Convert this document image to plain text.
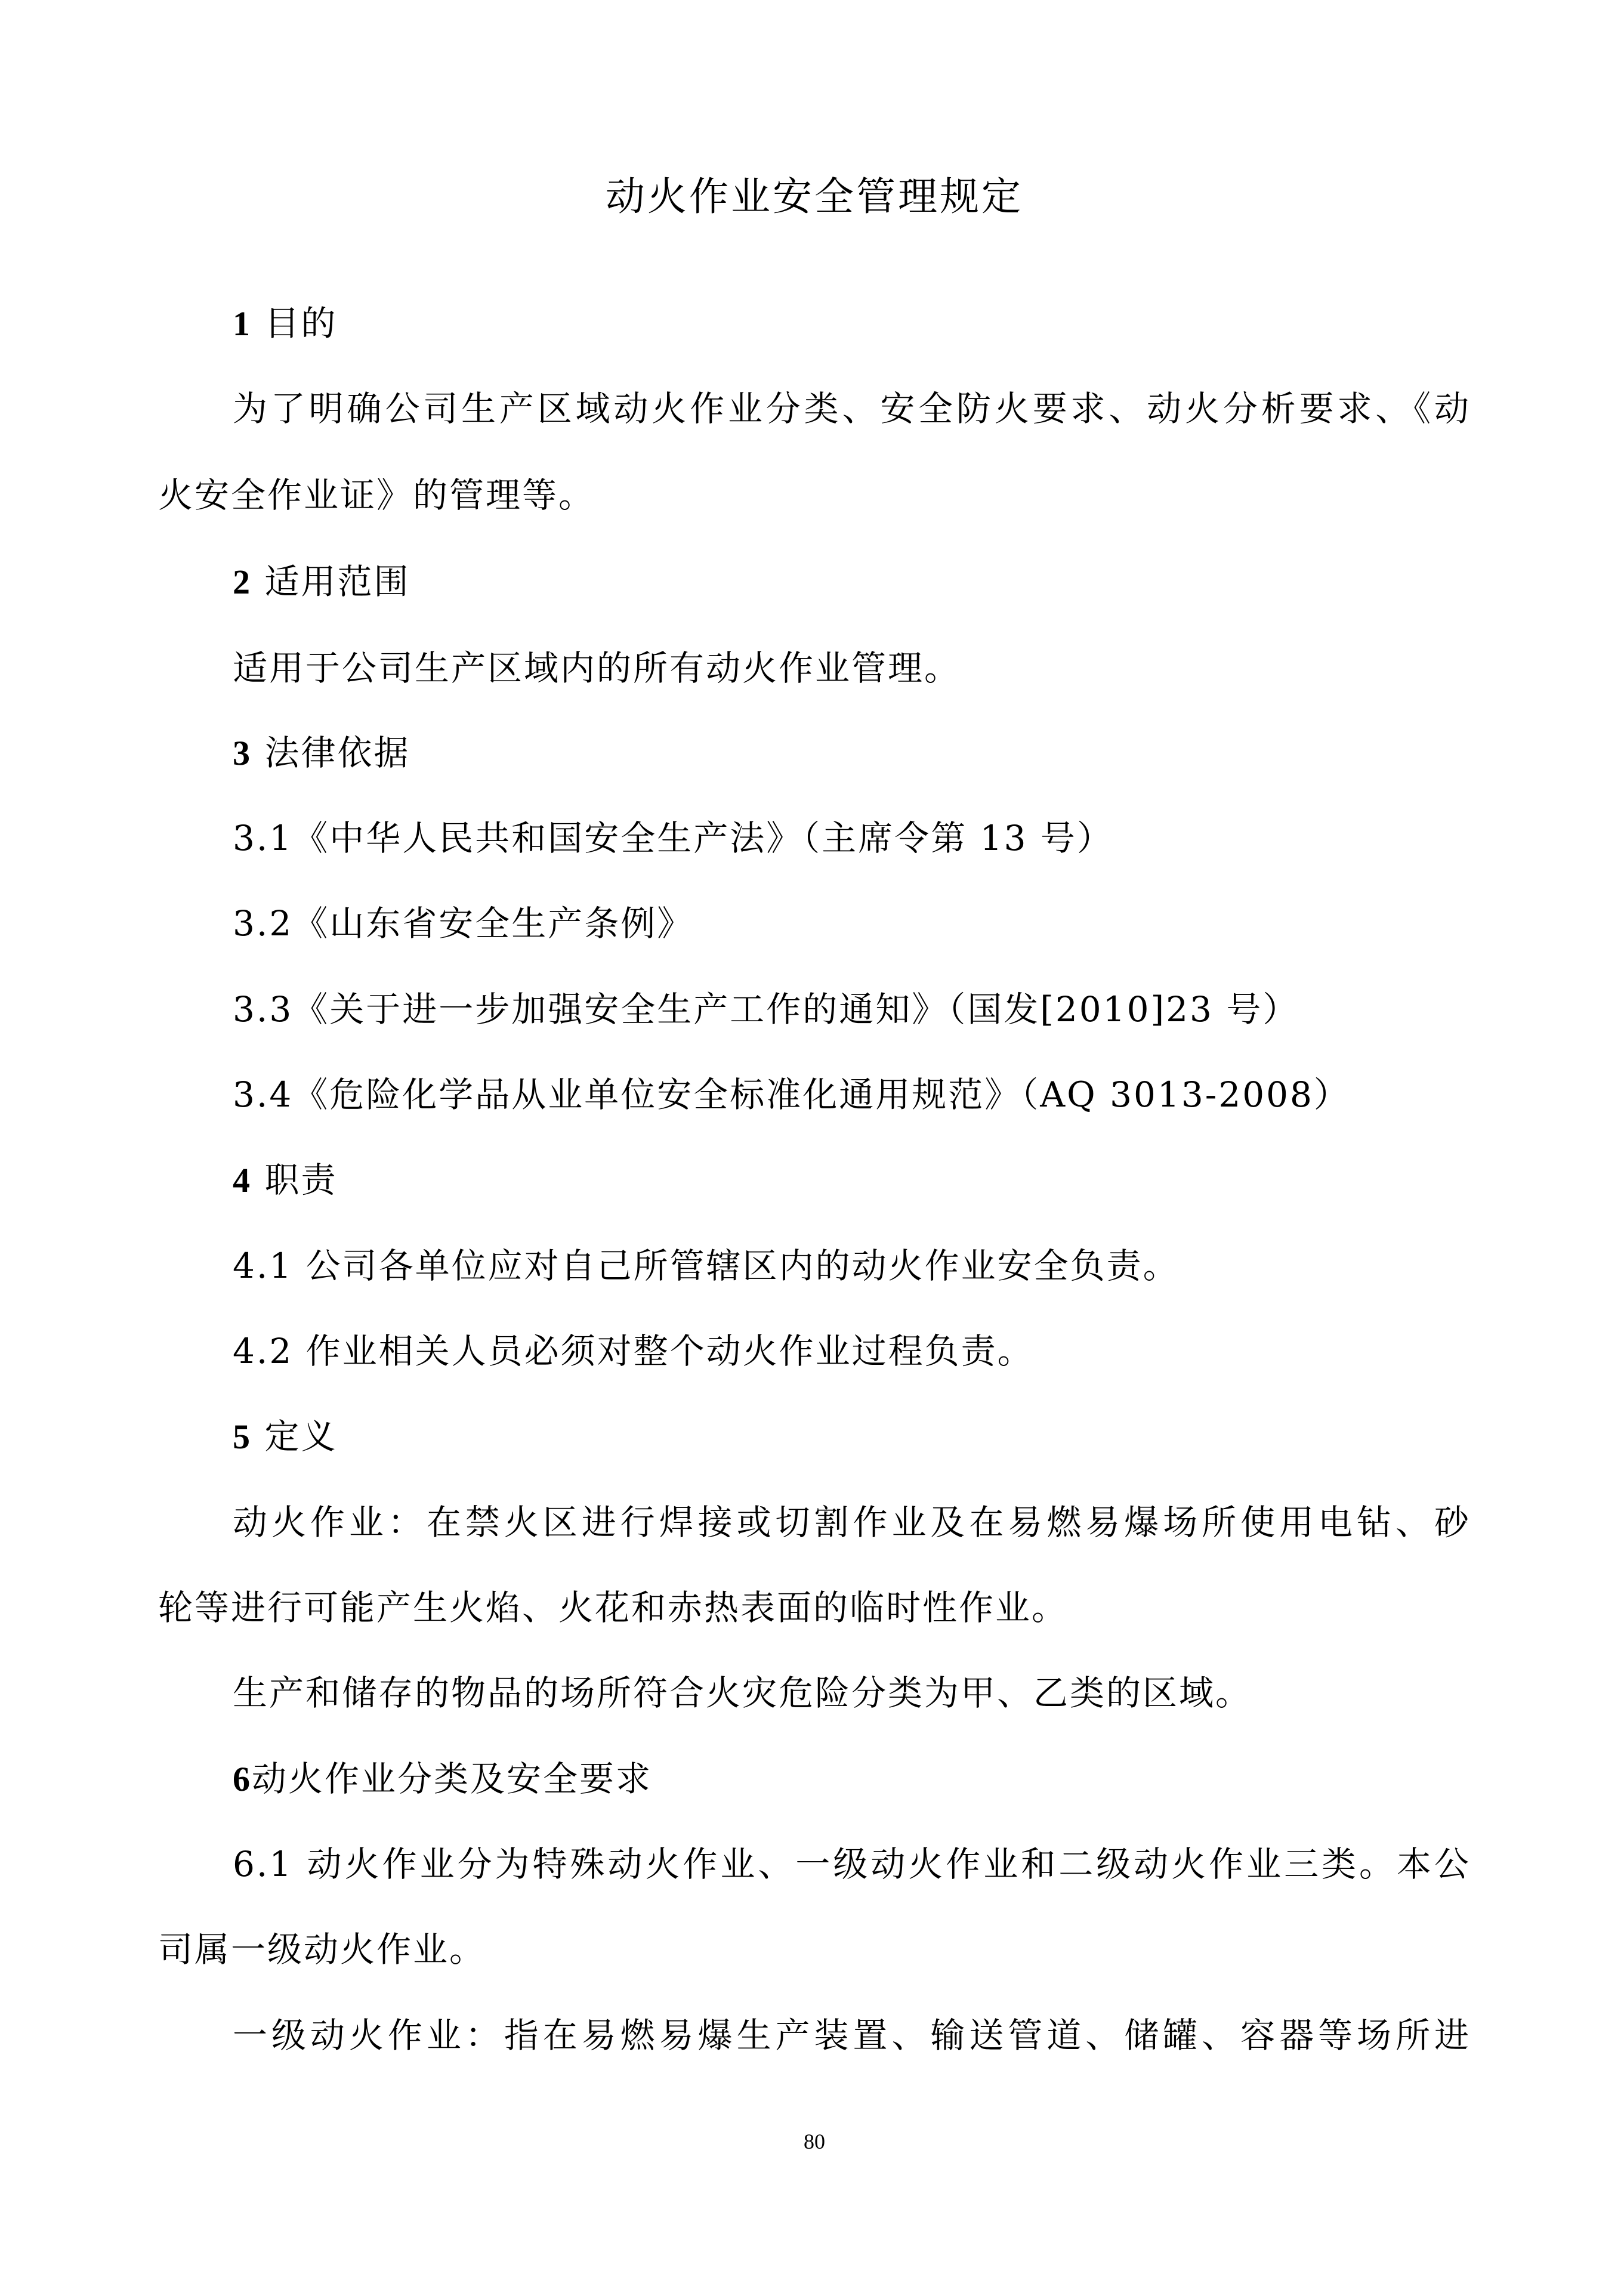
动火作业安全管理规定
1 目的
为了明确公司生产区域动火作业分类、安全防火要求、动火分析要求、《动
火安全作业证》的管理等。
2 适用范围
适用于公司生产区域内的所有动火作业管理。
3 法律依据
3.1《中华人民共和国安全生产法》（主席令第 13 号）
3.2《山东省安全生产条例》
3.3《关于进一步加强安全生产工作的通知》（国发[2010]23 号）
3.4《危险化学品从业单位安全标准化通用规范》（AQ 3013-2008）
4 职责
4.1 公司各单位应对自己所管辖区内的动火作业安全负责。
4.2 作业相关人员必须对整个动火作业过程负责。
5 定义
动火作业：在禁火区进行焊接或切割作业及在易燃易爆场所使用电钻、砂
轮等进行可能产生火焰、火花和赤热表面的临时性作业。
生产和储存的物品的场所符合火灾危险分类为甲、乙类的区域。
6动火作业分类及安全要求
6.1 动火作业分为特殊动火作业、一级动火作业和二级动火作业三类。本公
司属一级动火作业。
一级动火作业：指在易燃易爆生产装置、输送管道、储罐、容器等场所进
80
